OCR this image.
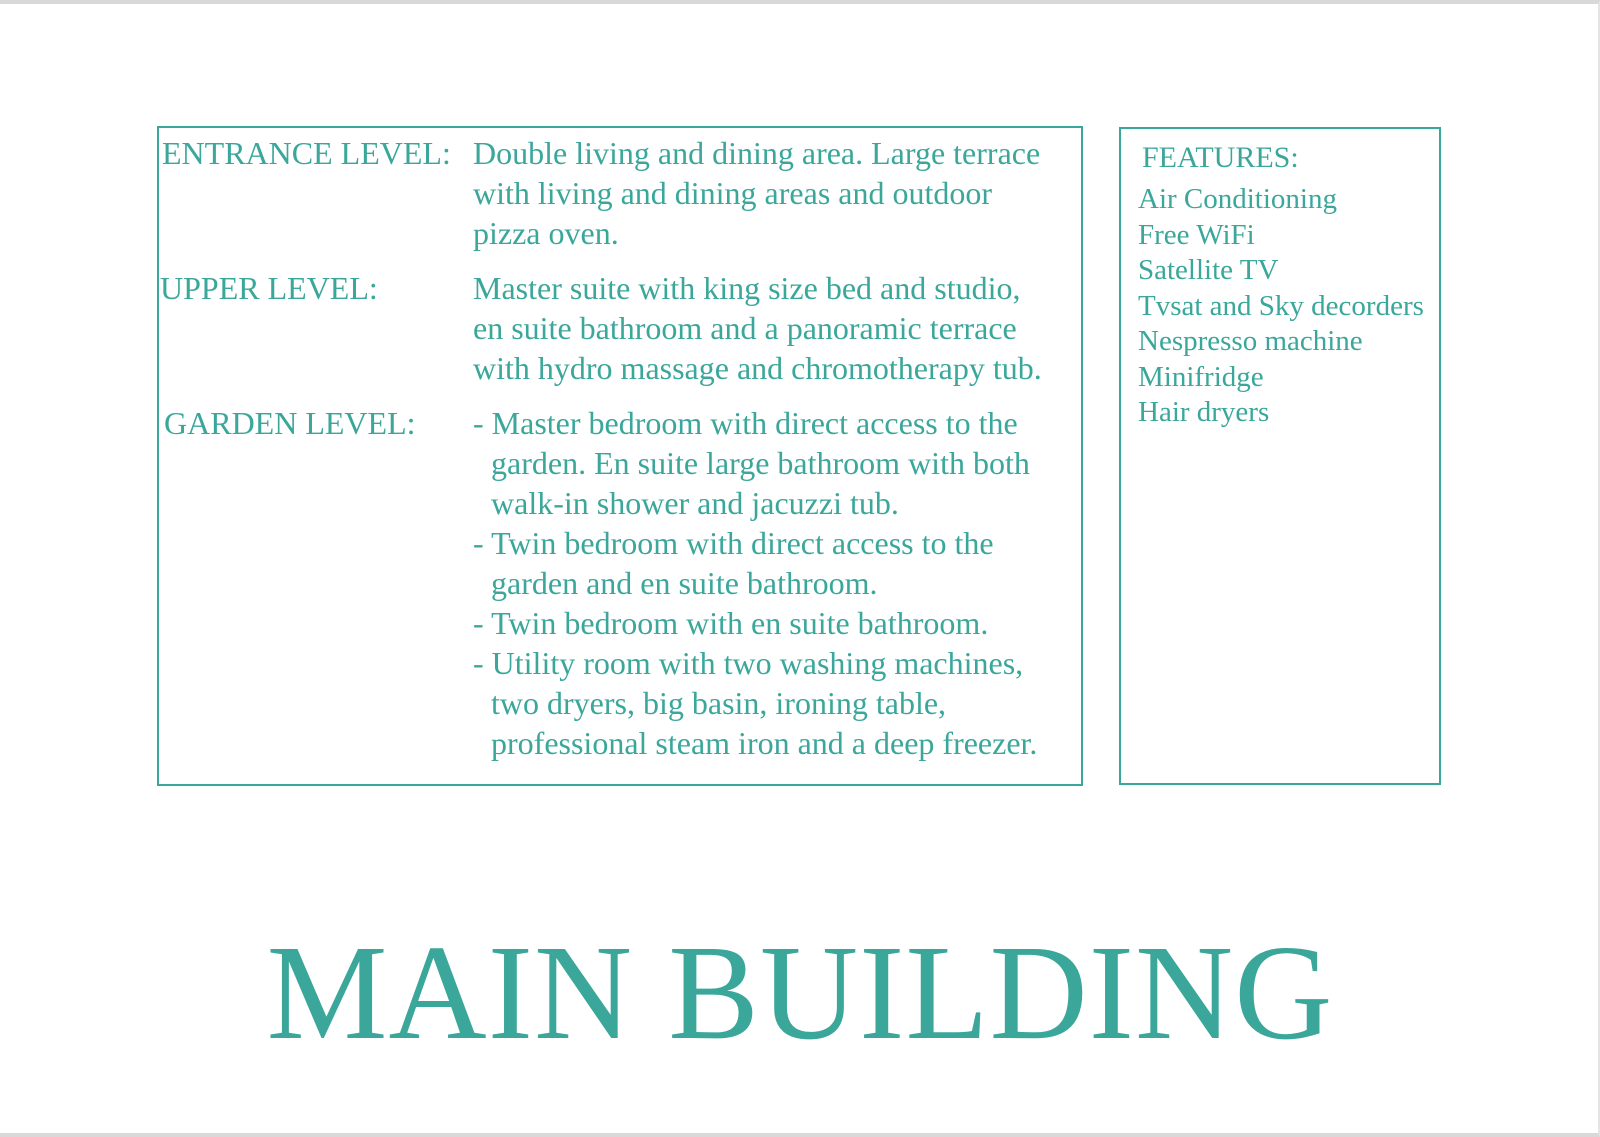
ENTRANCE LEVEL: Double living and dining area. Large terrace

with living and dining areas and outdoor

pizza oven.

UPPER LEVEL:	Master suite with king size bed and studio,

en suite bathroom and a panoramic terrace

with hydro massage and chromotherapy tub.

GARDEN LEVEL: - Master bedroom with direct access to the

garden. En suite large bathroom with both

walk-in shower and jacuzzi tub.

- Twin bedroom with direct access to the

garden and en suite bathroom.

- Twin bedroom with en suite bathroom.

- Utility room with two washing machines,

two dryers, big basin, ironing table,

professional steam iron and a deep freezer.

FEATURES:

Air Conditioning
Free WiFi
Satellite TV
Tvsat and Sky decorders
Nespresso machine
Minifridge
Hair dryers
MAIN BUILDING
